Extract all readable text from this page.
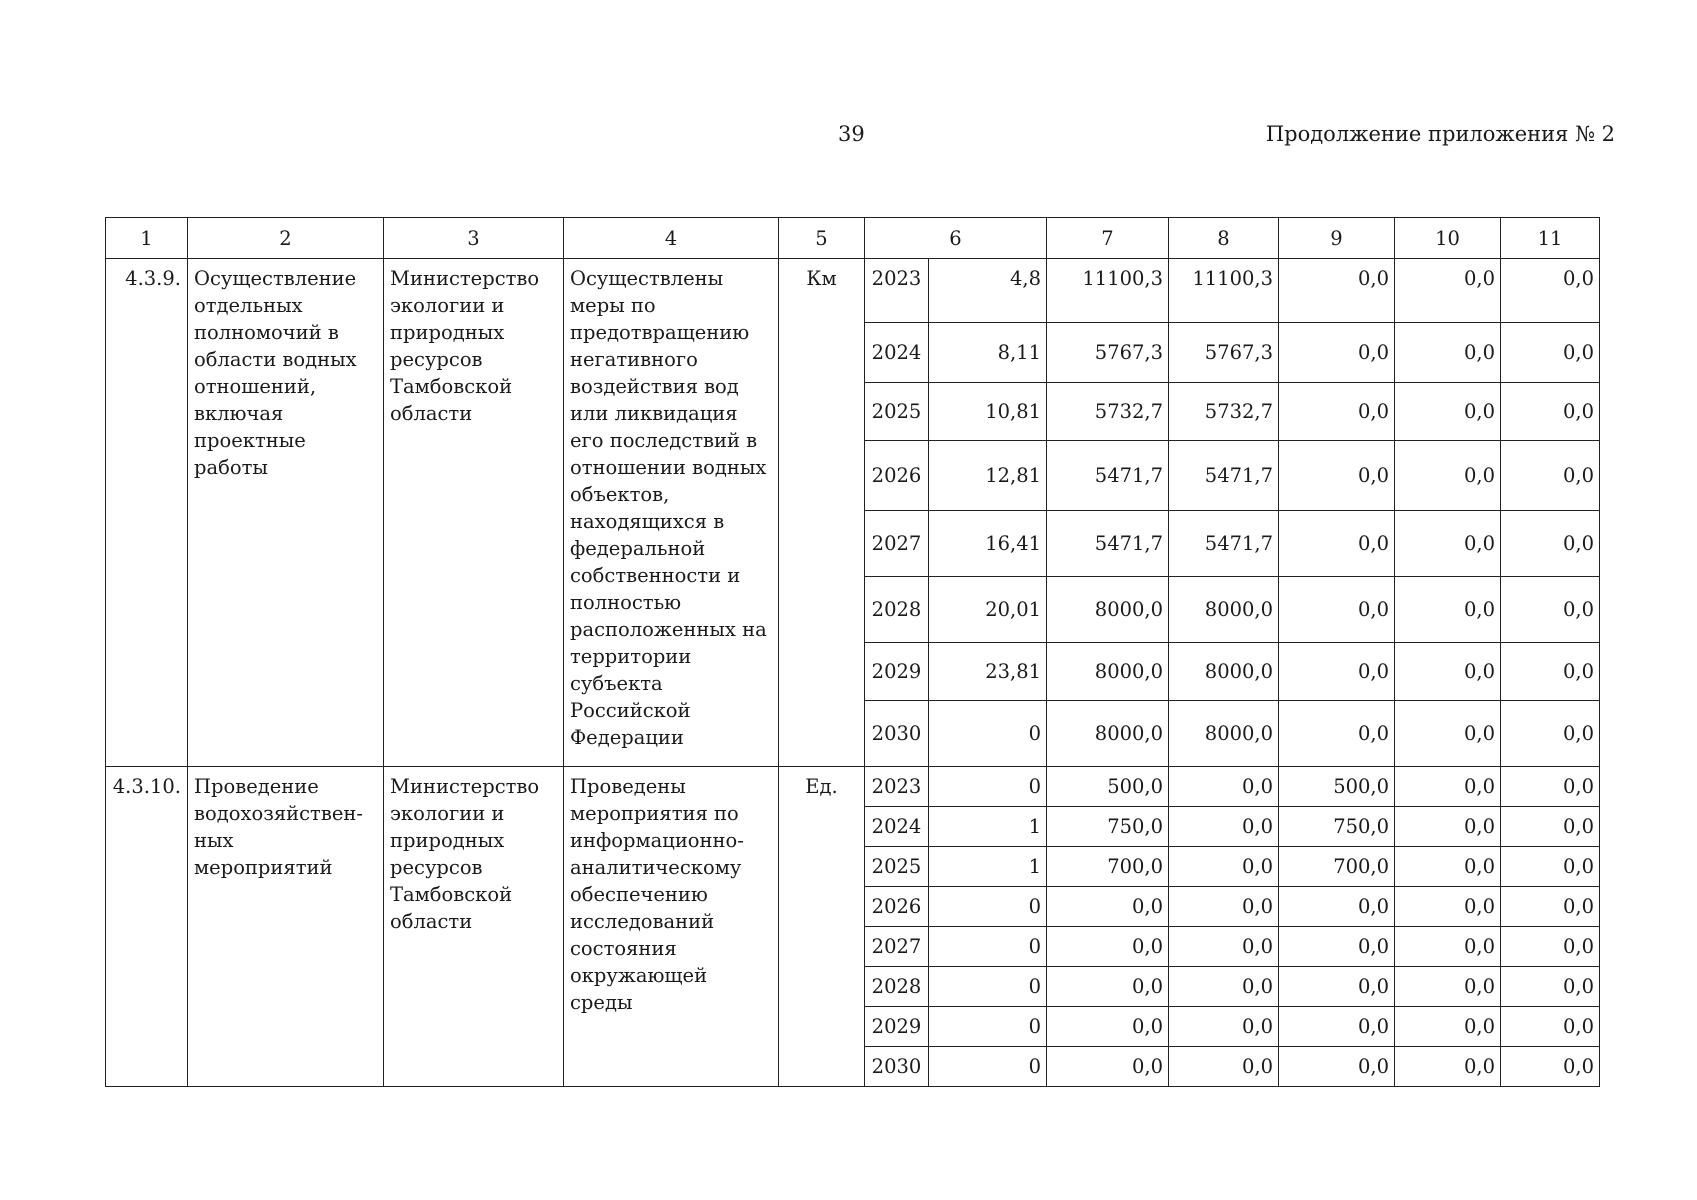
39	Продолжение приложения № 2
1	2	3	4	5	6		7	8	9	10	11

4.3.9.	Осуществление отдельных полномочий в области водных отношений, включая проектные работы	Министерство экологии и природных ресурсов Тамбовской области	Осуществлены меры по предотвращению негативного воздействия вод или ликвидация его последствий в отношении водных объектов, находящихся в федеральной собственности и полностью расположенных на территории субъекта Российской Федерации	Км	2023	4,8	11100,3	11100,3	0,0	0,0	0,0
					2024	8,11	5767,3	5767,3	0,0	0,0	0,0
					2025	10,81	5732,7	5732,7	0,0	0,0	0,0
					2026	12,81	5471,7	5471,7	0,0	0,0	0,0
					2027	16,41	5471,7	5471,7	0,0	0,0	0,0
					2028	20,01	8000,0	8000,0	0,0	0,0	0,0
					2029	23,81	8000,0	8000,0	0,0	0,0	0,0
					2030	0	8000,0	8000,0	0,0	0,0	0,0

4.3.10.	Проведение водохозяйствен-ных мероприятий	Министерство экологии и природных ресурсов Тамбовской области	Проведены мероприятия по информационно-аналитическому обеспечению исследований состояния окружающей среды	Ед.	2023	0	500,0	0,0	500,0	0,0	0,0
					2024	1	750,0	0,0	750,0	0,0	0,0
					2025	1	700,0	0,0	700,0	0,0	0,0
					2026	0	0,0	0,0	0,0	0,0	0,0
					2027	0	0,0	0,0	0,0	0,0	0,0
					2028	0	0,0	0,0	0,0	0,0	0,0
					2029	0	0,0	0,0	0,0	0,0	0,0
					2030	0	0,0	0,0	0,0	0,0	0,0
